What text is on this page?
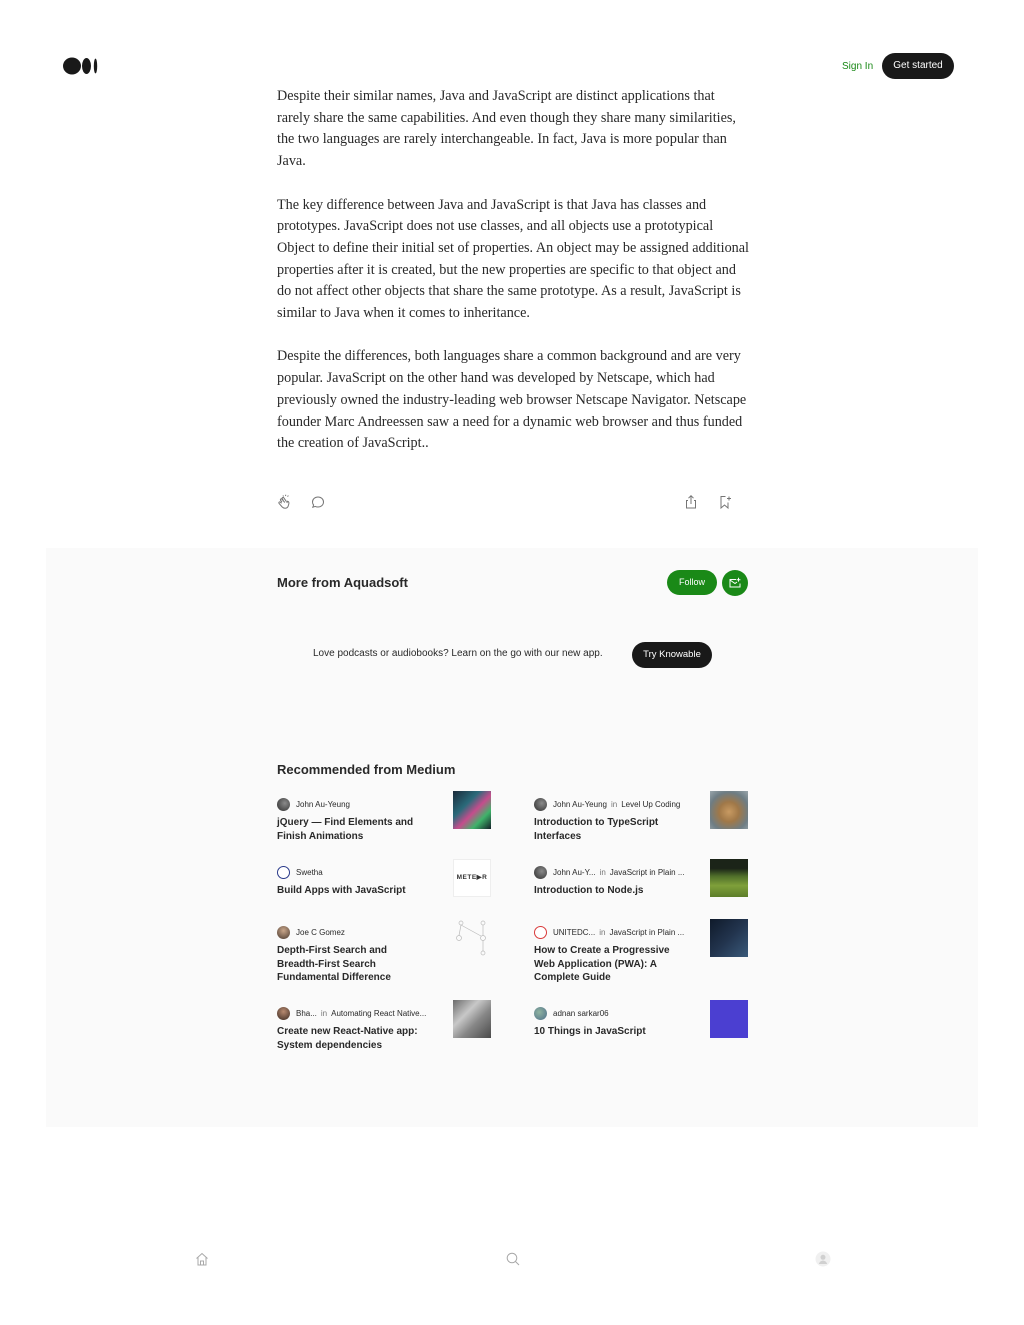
Sign In	Get started

Despite their similar names, Java and JavaScript are distinct applications that rarely share the same capabilities. And even though they share many similarities, the two languages are rarely interchangeable. In fact, Java is more popular than Java.

The key difference between Java and JavaScript is that Java has classes and prototypes. JavaScript does not use classes, and all objects use a prototypical Object to define their initial set of properties. An object may be assigned additional properties after it is created, but the new properties are specific to that object and do not affect other objects that share the same prototype. As a result, JavaScript is similar to Java when it comes to inheritance.

Despite the differences, both languages share a common background and are very popular. JavaScript on the other hand was developed by Netscape, which had previously owned the industry-leading web browser Netscape Navigator. Netscape founder Marc Andreessen saw a need for a dynamic web browser and thus funded the creation of JavaScript..

More from Aquadsoft	Follow
Love podcasts or audiobooks? Learn on the go with our new app.	Try Knowable
Recommended from Medium
John Au-Yeung
jQuery — Find Elements and Finish Animations
John Au-Yeung in Level Up Coding
Introduction to TypeScript Interfaces
Swetha
Build Apps with JavaScript
METE▶R
John Au-Y... in JavaScript in Plain ...
Introduction to Node.js
Joe C Gomez
Depth-First Search and Breadth-First Search Fundamental Difference
UNITEDC... in JavaScript in Plain ...
How to Create a Progressive Web Application (PWA): A Complete Guide
Bha... in Automating React Native...
Create new React-Native app: System dependencies
adnan sarkar06
10 Things in JavaScript
